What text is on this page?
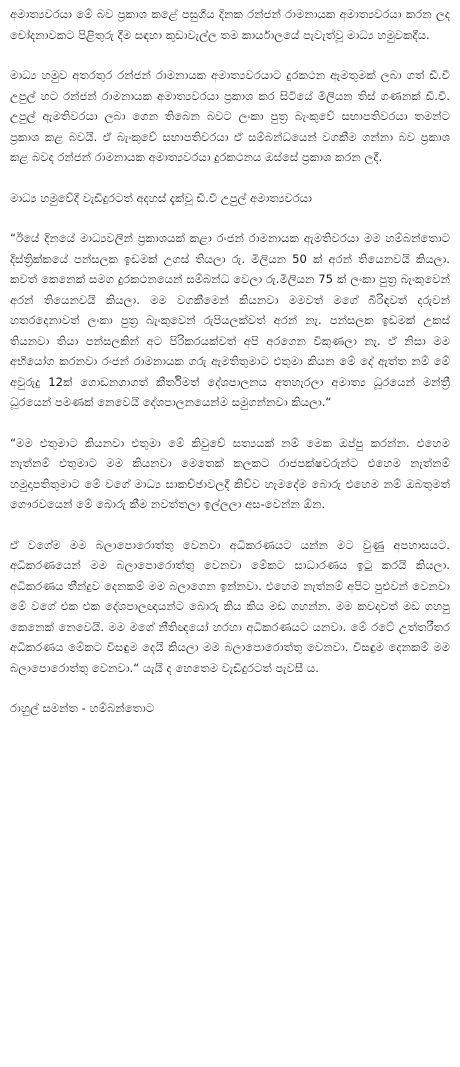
අමාත්‍යවරයා මේ බව ප්‍රකාශ කළේ පසුගිය දිනක රන්ජන් රාමනායක අමාත්‍යවරයා කරන ලද චෝදනාවකට පිළිතුරු දීම සඳහා කුඩාවැල්ල තම කාර්යාලයේ පැවැත්වූ මාධ්‍ය හමුවකදීය.

මාධ්‍ය හමුව අතරතුර රන්ජන් රාමනායක අමාත්‍යවරයාට දුරකථන ඇමතුමක් ලබා ගත් ඩී.වී උපුල් හට රන්ජන් රාමනායක අමාත්‍යවරයා ප්‍රකාශ කර සිටියේ මිලියන තිස් ගණනක් ඩී.වී. උපුල් ඇමතිවරයා ලබා ගෙන තිබෙන බවට ලංකා පුත්‍ර බැංකුවේ සභාපතිවරයා තමන්ට ප්‍රකාශ කළ බවයි. ඒ බැංකුවේ සභාපතිවරයා ඒ සම්බන්ධයෙන් වගකීම ගන්නා බව ප්‍රකාශ කළ බවද රන්ජන් රාමනායක අමාත්‍යවරයා දුරකථනය ඔස්සේ ප්‍රකාශ කරන ලදී.

මාධ්‍ය හමුවේදී වැඩිදුරටත් අදහස් දැක්වූ ඩී.වී උපුල් අමාත්‍යවරයා

“ඊයේ දිනයේ මාධ්‍යවලින් ප්‍රකාශයක් කළා රංජන් රාමනායක ඇමතිවරයා මම හම්බන්තොට දිස්ත්‍රික්කයේ පන්සලක ඉඩමක් උගස් තියලා රු. මිලියන 50 ක් අරන් තියෙනවයි කියලා. කවත් කෙනෙක් සමග දුරකථනයෙන් සම්බන්ධ වෙලා රු.මිලියන 75 ක් ලංකා පුත්‍ර බැංකුවෙන් අරන් තියෙනවයි කියලා. මම වගකීමෙන් කියනවා මමවත් මගේ බිරිඳවත් දරුවන් හතරදෙනාවත් ලංකා පුත්‍ර බැංකුවෙන් රුපියලක්වත් අරන් නැ. පන්සලක ඉඩමක් උකස් තියනවා තියා පන්සලකින් අට පිරිකරයක්වත් අපි අරගෙන විකුණලා නැ. ඒ නිසා මම අභියෝග කරනවා රංජන් රාමනායක ගරු ඇමතිතුමාට එතුමා කියන මේ දේ ඇත්ත නම් මේ අවුරුදු 12ක් ගොඩනගාගත් කීර්තිමත් දේශපාලනය අතහැරලා අමාත්‍ය ධූරයෙන් මන්ත්‍රී ධූරයෙන් පමණක් නෙවෙයි දේශපාලනයෙන්ම සමුගන්නවා කියලා.“

“මම එතුමාට කියනවා එතුමා මේ කිවුවේ සත්‍යයක් නම් මෙක ඔප්පු කරන්න. එහෙම නැත්නම් එතුමාට මම කියනවා මෙතෙක් කලකට රාජපක්ෂවරුන්ට එහෙම නැත්නම් හමුදාපතිතුමාට මේ වගේ මාධ්‍ය සාකච්ඡාවලදී කිව්ව හැමදේම බොරු එහෙම නම් ඔබතුමත් ගෞරවයෙන් මේ බොරු කීම නවත්තලා ඉල්ලලා අස-වෙන්න ඕන.

ඒ වගේම මම බලාපොරොත්තු වෙනවා අධිකරණයට යන්න මට වුණු අපහාසයට. අධිකරණයෙන් මම බලාපොරොත්තු වෙනවා මේකට සාධාරණය ඉටු කරයි කියලා. අධිකරණය තීන්දුව දෙනකම් මම බලාගෙන ඉන්නවා. එහෙම නැත්නම් අපිට පුළුවන් වෙනවා මේ වගේ එක එක දේශපාලඥයන්ට බොරු කිය කිය මඩ ගහන්න. මම කවදාවත් මඩ ගහපු කෙනෙක් නෙවෙයි. මම මගේ නීතිඥයෝ හරහා අධිකරණයට යනවා. මේ රටේ උත්තරීතර අධිකරණය මේකට විසඳුම දෙයි කියලා මම බලාපොරොත්තු වෙනවා. විසඳුම දෙනකම් මම බලාපොරොත්තු වෙනවා.“ යැයි ද හෙතෙම වැඩිදුරටත් පැවසී ය.

රාහුල් සමන්ත - හම්බන්තොට
